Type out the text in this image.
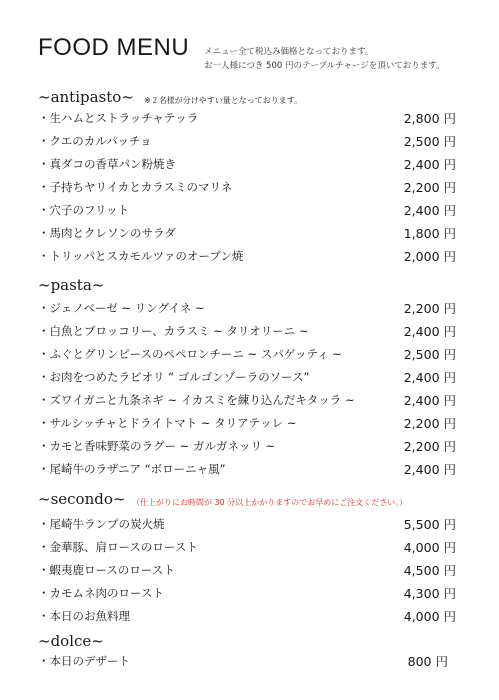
FOOD MENU メニュー全て税込み価格となっております。
お一人様につき 500 円のテーブルチャージを頂いております。
~antipasto~ ※２名様が分けやすい量となっております。
・生ハムとストラッチャテッラ	2,800 円
・クエのカルパッチョ	2,500 円
・真ダコの香草パン粉焼き	2,400 円
・子持ちヤリイカとカラスミのマリネ	2,200 円
・穴子のフリット	2,400 円
・馬肉とクレソンのサラダ	1,800 円
・トリッパとスカモルツァのオーブン焼	2,000 円
~pasta~
・ジェノベーゼ ~ リングイネ ~	2,200 円
・白魚とブロッコリー、カラスミ ~ タリオリーニ ~	2,400 円
・ふぐとグリンピースのペペロンチーニ ~ スパゲッティ ~	2,500 円
・お肉をつめたラビオリ “ ゴルゴンゾーラのソース”	2,400 円
・ズワイガニと九条ネギ ~ イカスミを練り込んだキタッラ ~	2,400 円
・サルシッチャとドライトマト ~ タリアテッレ ~	2,200 円
・カモと香味野菜のラグー ~ ガルガネッリ ~	2,200 円
・尾崎牛のラザニア “ボローニャ風”	2,400 円
~secondo~ （仕上がりにお時間が 30 分以上かかりますのでお早めにご注文ください。）
・尾崎牛ランプの炭火焼	5,500 円
・金華豚、肩ロースのロースト	4,000 円
・蝦夷鹿ロースのロースト	4,500 円
・カモムネ肉のロースト	4,300 円
・本日のお魚料理	4,000 円
~dolce~
・本日のデザート	800 円
